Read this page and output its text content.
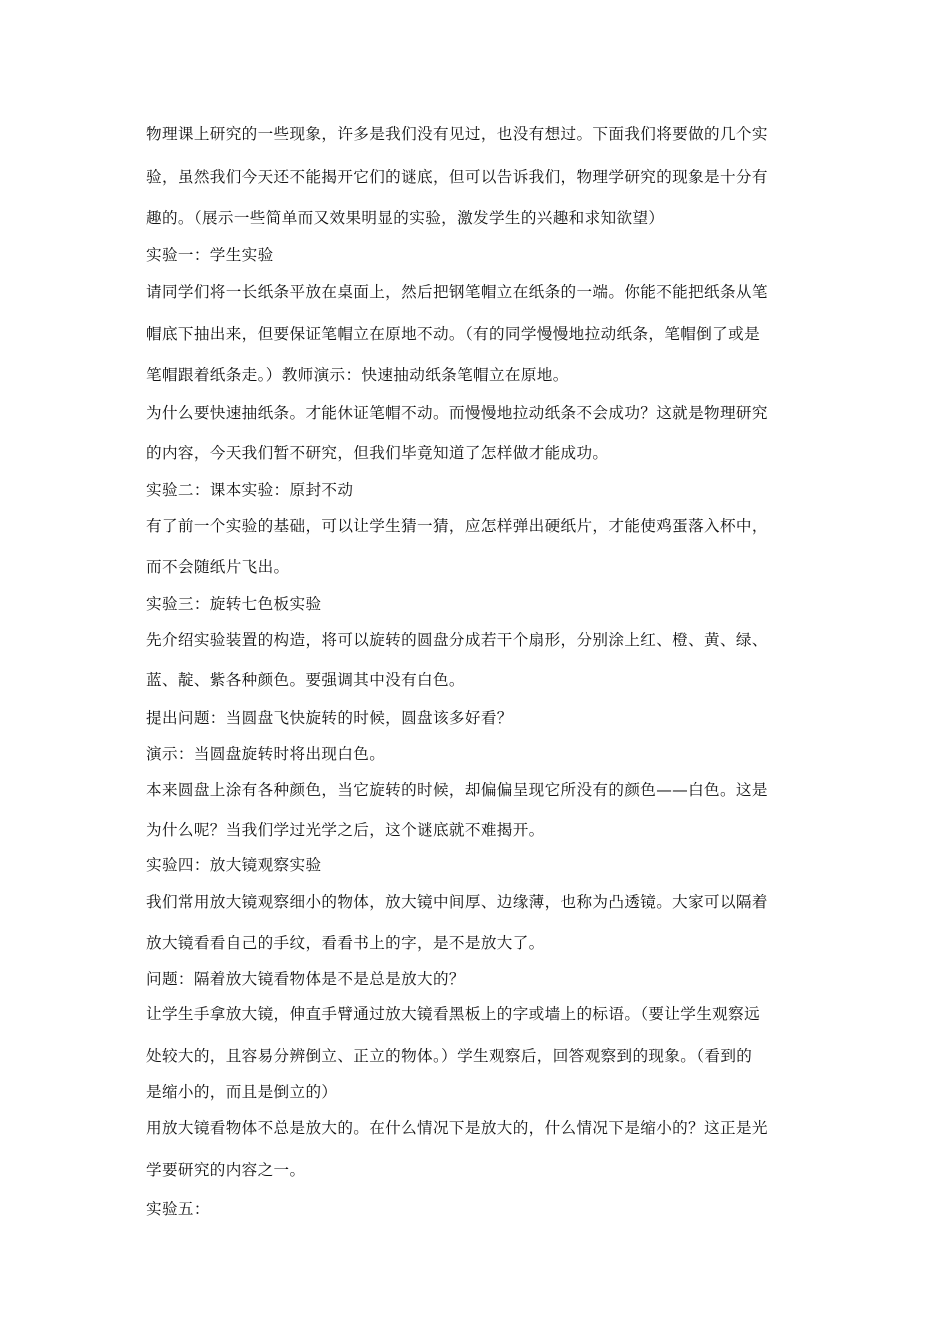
物理课上研究的一些现象，许多是我们没有见过，也没有想过。下面我们将要做的几个实
验，虽然我们今天还不能揭开它们的谜底，但可以告诉我们，物理学研究的现象是十分有
趣的。（展示一些简单而又效果明显的实验，激发学生的兴趣和求知欲望）
实验一：学生实验
请同学们将一长纸条平放在桌面上，然后把钢笔帽立在纸条的一端。你能不能把纸条从笔
帽底下抽出来，但要保证笔帽立在原地不动。（有的同学慢慢地拉动纸条，笔帽倒了或是
笔帽跟着纸条走。）教师演示：快速抽动纸条笔帽立在原地。
为什么要快速抽纸条。才能休证笔帽不动。而慢慢地拉动纸条不会成功？这就是物理研究
的内容，今天我们暂不研究，但我们毕竟知道了怎样做才能成功。
实验二：课本实验：原封不动
有了前一个实验的基础，可以让学生猜一猜，应怎样弹出硬纸片，才能使鸡蛋落入杯中，
而不会随纸片飞出。
实验三：旋转七色板实验
先介绍实验装置的构造，将可以旋转的圆盘分成若干个扇形，分别涂上红、橙、黄、绿、
蓝、靛、紫各种颜色。要强调其中没有白色。
提出问题：当圆盘飞快旋转的时候，圆盘该多好看？
演示：当圆盘旋转时将出现白色。
本来圆盘上涂有各种颜色，当它旋转的时候，却偏偏呈现它所没有的颜色——白色。这是
为什么呢？当我们学过光学之后，这个谜底就不难揭开。
实验四：放大镜观察实验
我们常用放大镜观察细小的物体，放大镜中间厚、边缘薄，也称为凸透镜。大家可以隔着
放大镜看看自己的手纹，看看书上的字，是不是放大了。
问题：隔着放大镜看物体是不是总是放大的？
让学生手拿放大镜，伸直手臂通过放大镜看黑板上的字或墙上的标语。（要让学生观察远
处较大的，且容易分辨倒立、正立的物体。）学生观察后，回答观察到的现象。（看到的
是缩小的，而且是倒立的）
用放大镜看物体不总是放大的。在什么情况下是放大的，什么情况下是缩小的？这正是光
学要研究的内容之一。
实验五：
